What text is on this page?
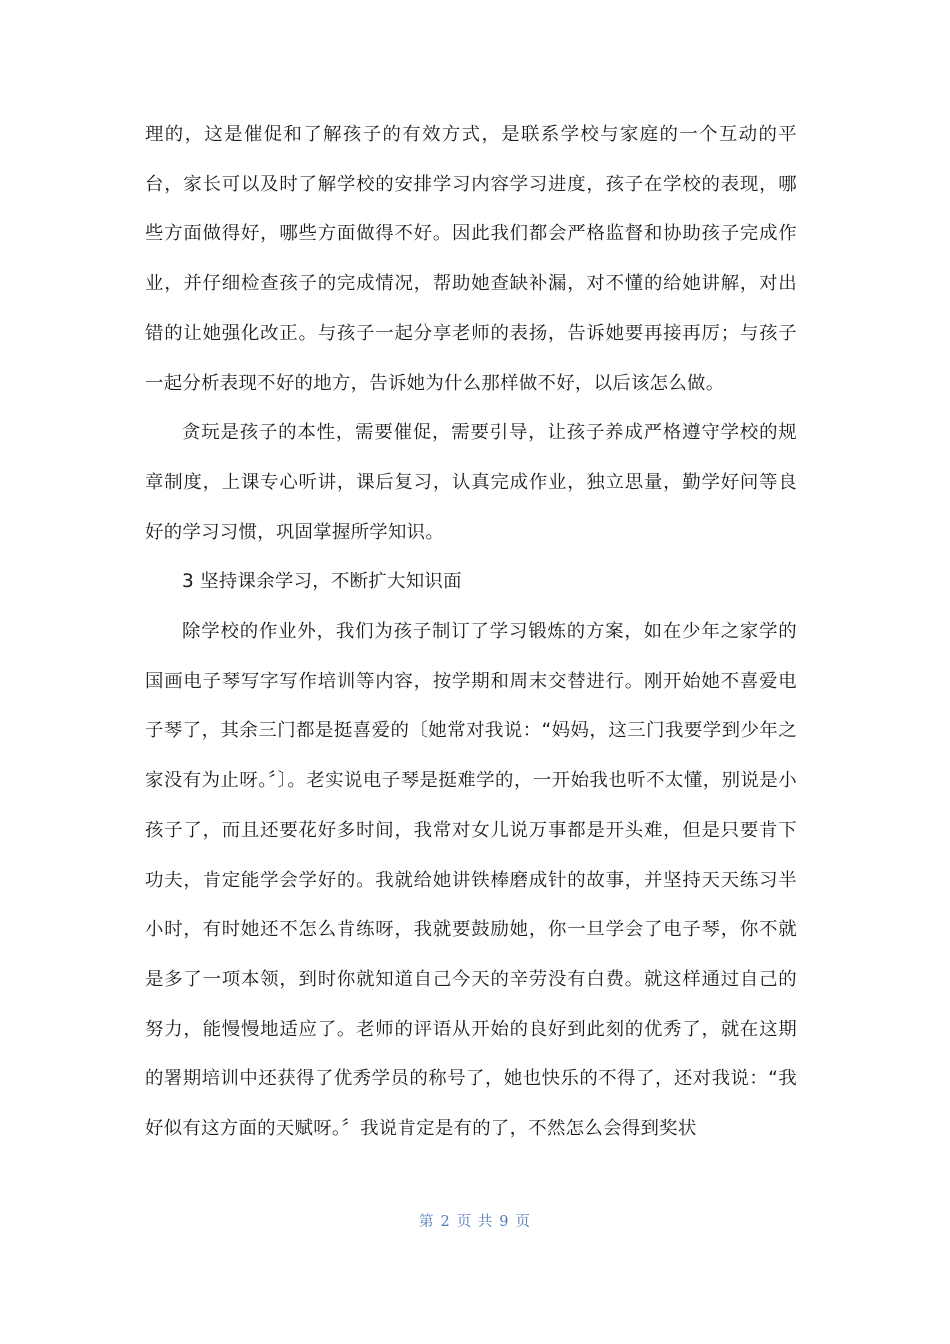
理的，这是催促和了解孩子的有效方式，是联系学校与家庭的一个互动的平台，家长可以及时了解学校的安排学习内容学习进度，孩子在学校的表现，哪些方面做得好，哪些方面做得不好。因此我们都会严格监督和协助孩子完成作业，并仔细检查孩子的完成情况，帮助她查缺补漏，对不懂的给她讲解，对出错的让她强化改正。与孩子一起分享老师的表扬，告诉她要再接再厉；与孩子一起分析表现不好的地方，告诉她为什么那样做不好，以后该怎么做。

贪玩是孩子的本性，需要催促，需要引导，让孩子养成严格遵守学校的规章制度，上课专心听讲，课后复习，认真完成作业，独立思量，勤学好问等良好的学习习惯，巩固掌握所学知识。

3 坚持课余学习，不断扩大知识面

除学校的作业外，我们为孩子制订了学习锻炼的方案，如在少年之家学的国画电子琴写字写作培训等内容，按学期和周末交替进行。刚开始她不喜爱电子琴了，其余三门都是挺喜爱的〔她常对我说：“妈妈，这三门我要学到少年之家没有为止呀。〞〕。老实说电子琴是挺难学的，一开始我也听不太懂，别说是小孩子了，而且还要花好多时间，我常对女儿说万事都是开头难，但是只要肯下功夫，肯定能学会学好的。我就给她讲铁棒磨成针的故事，并坚持天天练习半小时，有时她还不怎么肯练呀，我就要鼓励她，你一旦学会了电子琴，你不就是多了一项本领，到时你就知道自己今天的辛劳没有白费。就这样通过自己的努力，能慢慢地适应了。老师的评语从开始的良好到此刻的优秀了，就在这期的署期培训中还获得了优秀学员的称号了，她也快乐的不得了，还对我说：“我好似有这方面的天赋呀。〞我说肯定是有的了，不然怎么会得到奖状

第 2 页 共 9 页
